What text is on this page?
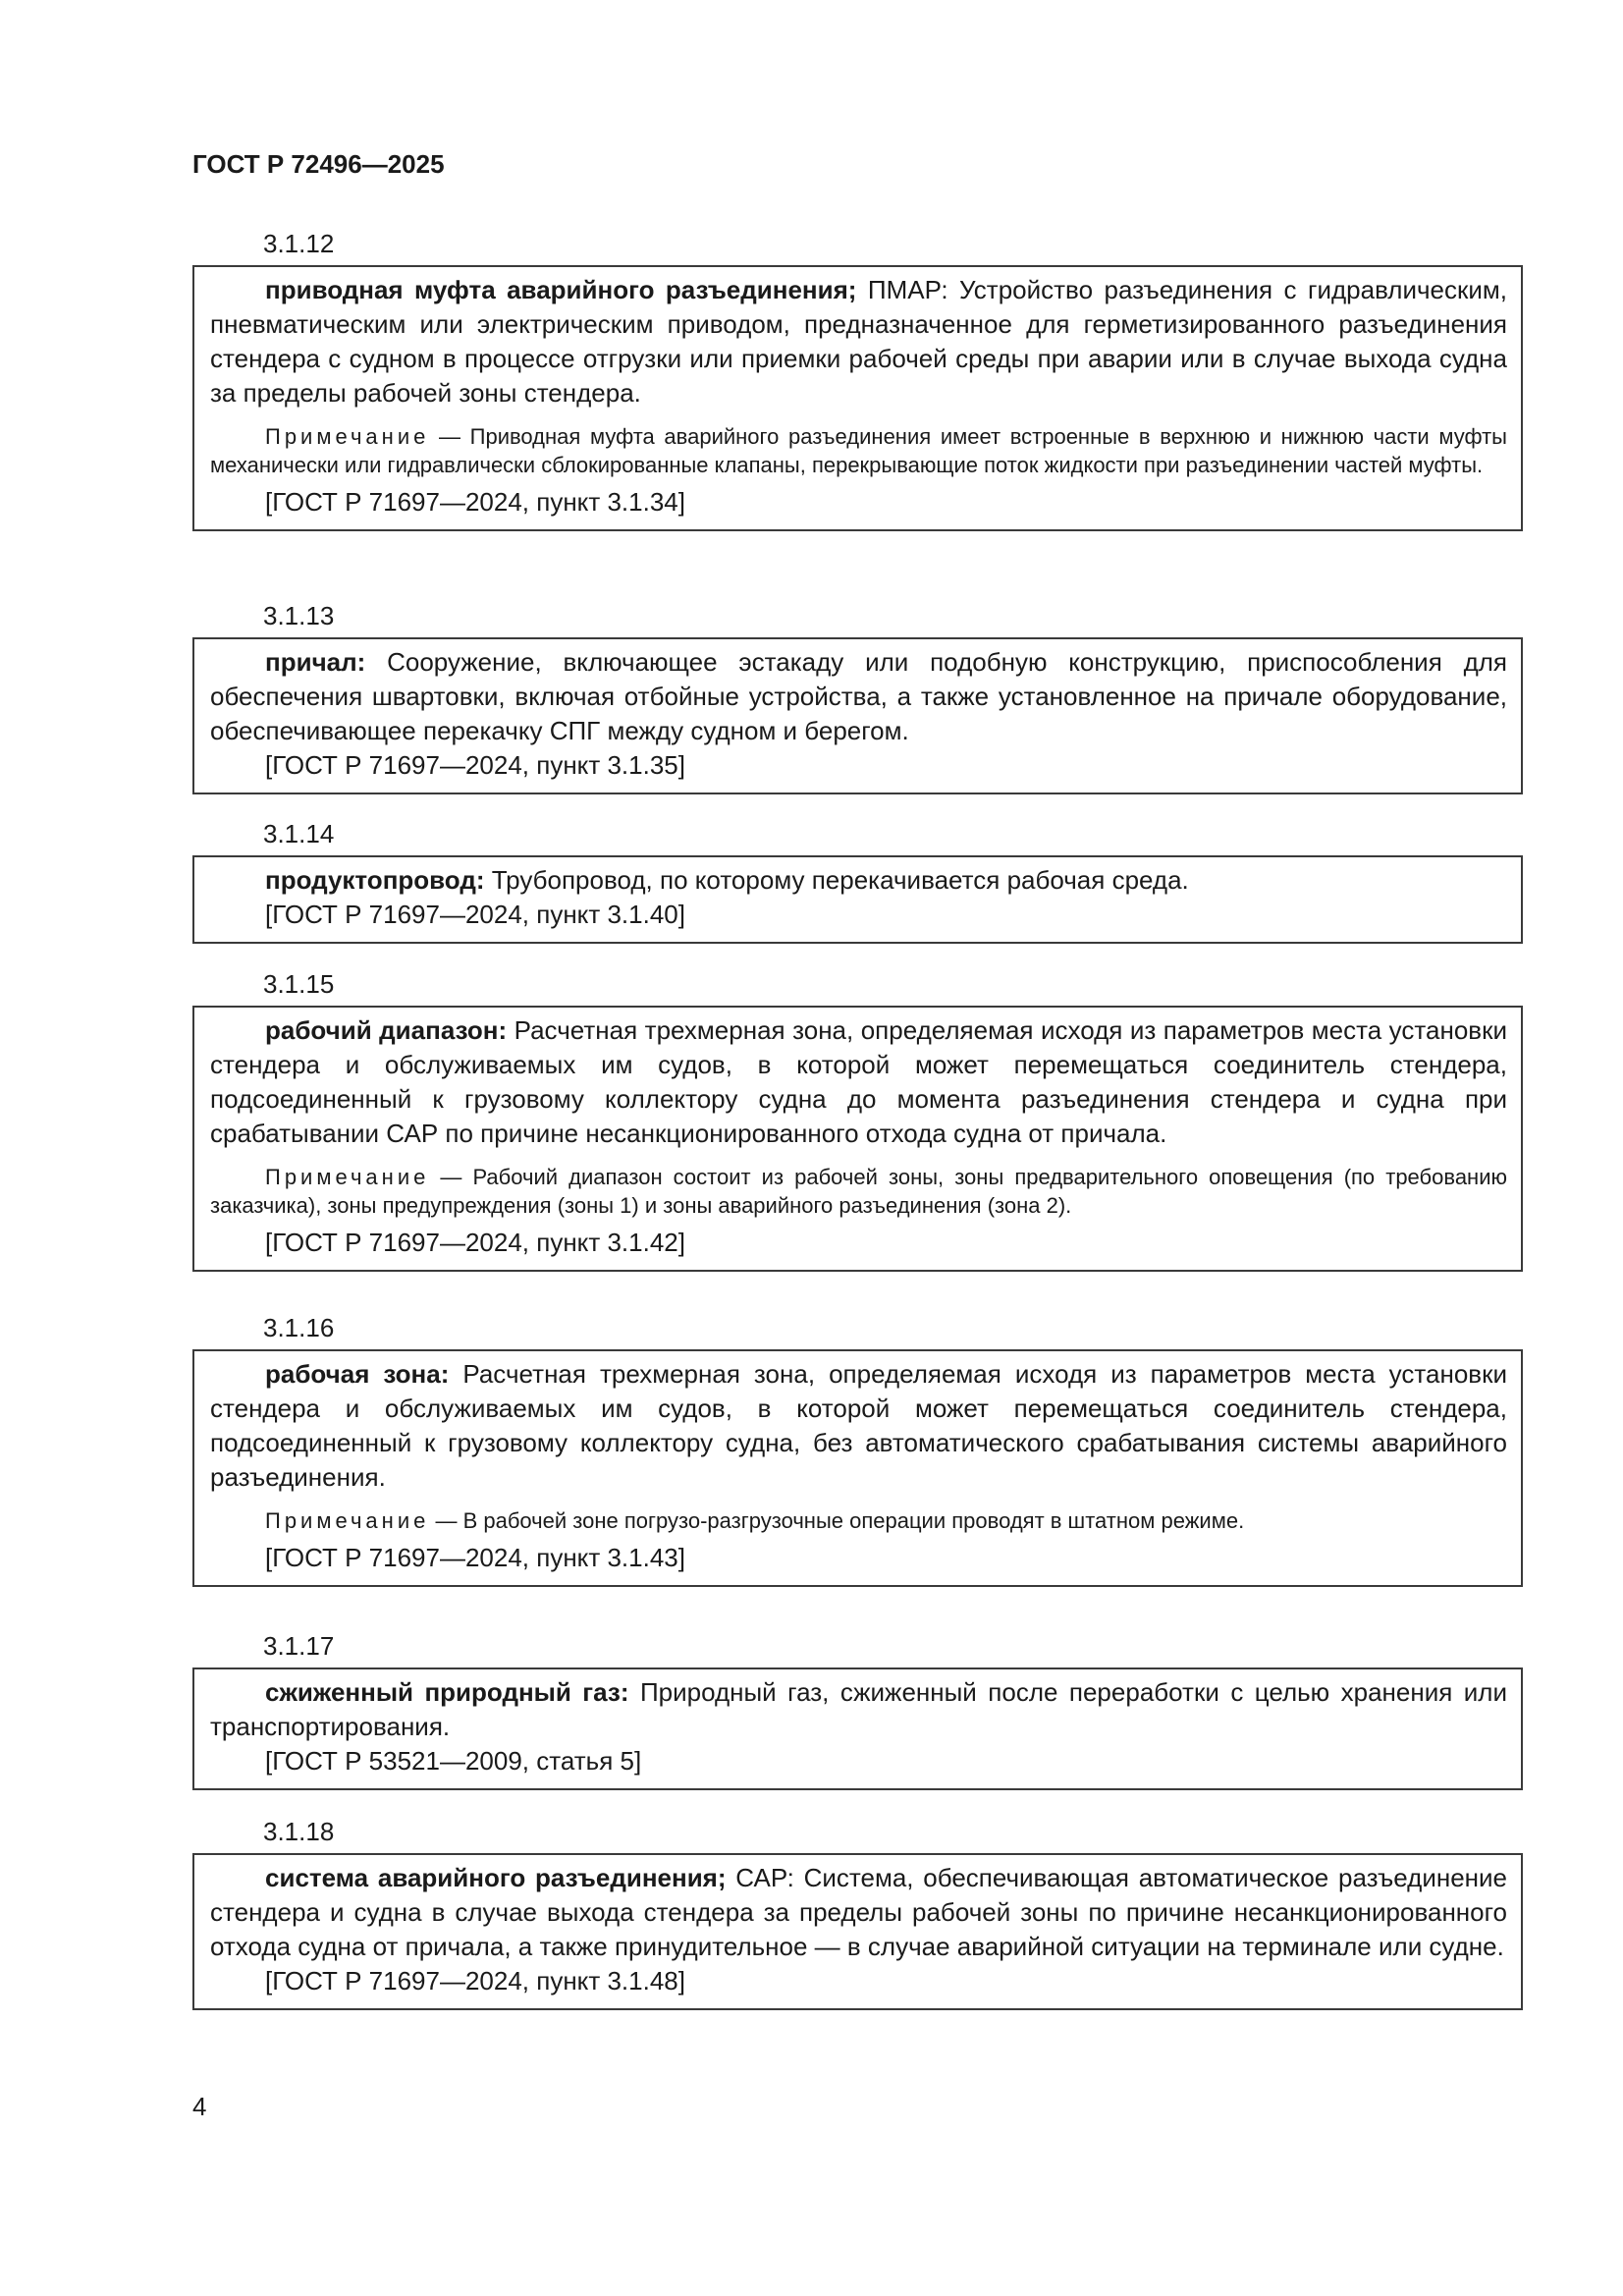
ГОСТ Р 72496—2025
3.1.12
приводная муфта аварийного разъединения; ПМАР: Устройство разъединения с гидравлическим, пневматическим или электрическим приводом, предназначенное для герметизированного разъединения стендера с судном в процессе отгрузки или приемки рабочей среды при аварии или в случае выхода судна за пределы рабочей зоны стендера.
Примечание — Приводная муфта аварийного разъединения имеет встроенные в верхнюю и нижнюю части муфты механически или гидравлически сблокированные клапаны, перекрывающие поток жидкости при разъединении частей муфты.
[ГОСТ Р 71697—2024, пункт 3.1.34]
3.1.13
причал: Сооружение, включающее эстакаду или подобную конструкцию, приспособления для обеспечения швартовки, включая отбойные устройства, а также установленное на причале оборудование, обеспечивающее перекачку СПГ между судном и берегом.
[ГОСТ Р 71697—2024, пункт 3.1.35]
3.1.14
продуктопровод: Трубопровод, по которому перекачивается рабочая среда.
[ГОСТ Р 71697—2024, пункт 3.1.40]
3.1.15
рабочий диапазон: Расчетная трехмерная зона, определяемая исходя из параметров места установки стендера и обслуживаемых им судов, в которой может перемещаться соединитель стендера, подсоединенный к грузовому коллектору судна до момента разъединения стендера и судна при срабатывании САР по причине несанкционированного отхода судна от причала.
Примечание — Рабочий диапазон состоит из рабочей зоны, зоны предварительного оповещения (по требованию заказчика), зоны предупреждения (зоны 1) и зоны аварийного разъединения (зона 2).
[ГОСТ Р 71697—2024, пункт 3.1.42]
3.1.16
рабочая зона: Расчетная трехмерная зона, определяемая исходя из параметров места установки стендера и обслуживаемых им судов, в которой может перемещаться соединитель стендера, подсоединенный к грузовому коллектору судна, без автоматического срабатывания системы аварийного разъединения.
Примечание — В рабочей зоне погрузо-разгрузочные операции проводят в штатном режиме.
[ГОСТ Р 71697—2024, пункт 3.1.43]
3.1.17
сжиженный природный газ: Природный газ, сжиженный после переработки с целью хранения или транспортирования.
[ГОСТ Р 53521—2009, статья 5]
3.1.18
система аварийного разъединения; САР: Система, обеспечивающая автоматическое разъединение стендера и судна в случае выхода стендера за пределы рабочей зоны по причине несанкционированного отхода судна от причала, а также принудительное — в случае аварийной ситуации на терминале или судне.
[ГОСТ Р 71697—2024, пункт 3.1.48]
4
